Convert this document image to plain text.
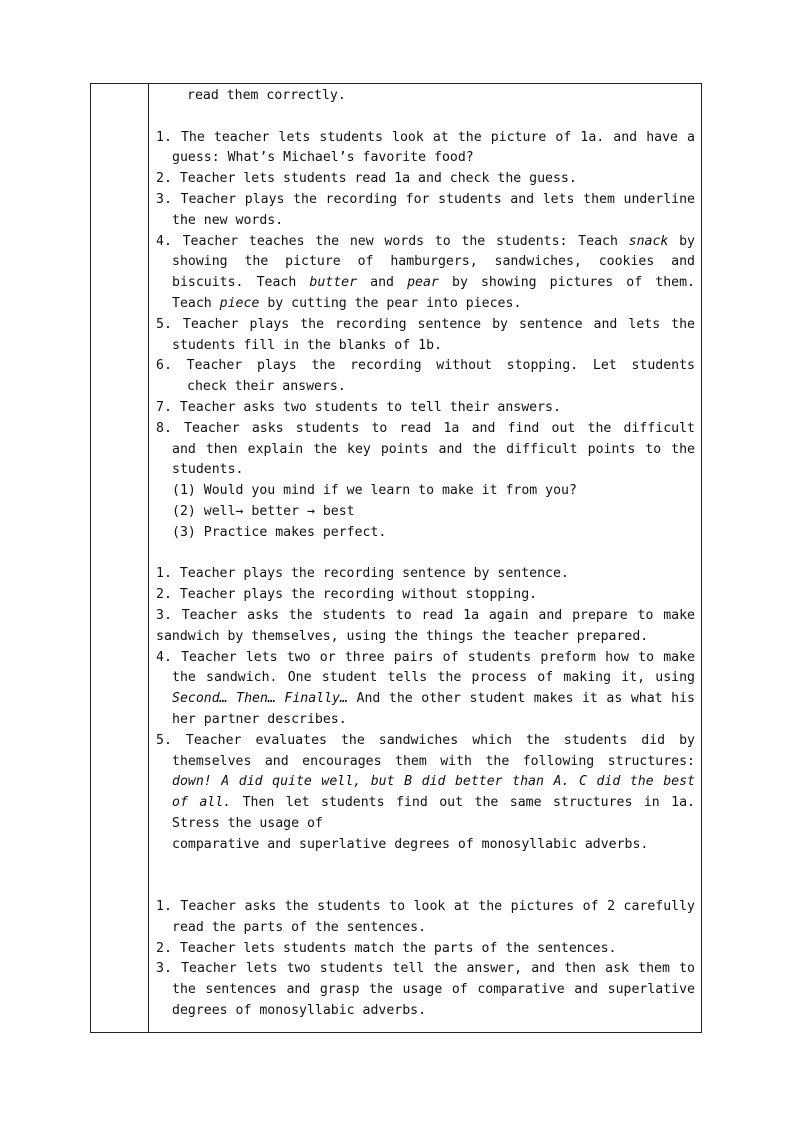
read them correctly.
1. The teacher lets students look at the picture of 1a. and have a
guess: What’s Michael’s favorite food?
2. Teacher lets students read 1a and check the guess.
3. Teacher plays the recording for students and lets them underline
the new words.
4. Teacher teaches the new words to the students: Teach snack by
showing the picture of hamburgers, sandwiches, cookies and
biscuits. Teach butter and pear by showing pictures of them.
Teach piece by cutting the pear into pieces.
5. Teacher plays the recording sentence by sentence and lets the
students fill in the blanks of 1b.
6. Teacher plays the recording without stopping. Let students
check their answers.
7. Teacher asks two students to tell their answers.
8. Teacher asks students to read 1a and find out the difficult
and then explain the key points and the difficult points to the
students.
(1) Would you mind if we learn to make it from you?
(2) well→ better → best
(3) Practice makes perfect.
1. Teacher plays the recording sentence by sentence.
2. Teacher plays the recording without stopping.
3. Teacher asks the students to read 1a again and prepare to make
sandwich by themselves, using the things the teacher prepared.
4. Teacher lets two or three pairs of students preform how to make
the sandwich. One student tells the process of making it, using
Second… Then… Finally… And the other student makes it as what his
her partner describes.
5. Teacher evaluates the sandwiches which the students did by
themselves and encourages them with the following structures:
down! A did quite well, but B did better than A. C did the best
of all. Then let students find out the same structures in 1a.
Stress the usage of
comparative and superlative degrees of monosyllabic adverbs.
1. Teacher asks the students to look at the pictures of 2 carefully
read the parts of the sentences.
2. Teacher lets students match the parts of the sentences.
3. Teacher lets two students tell the answer, and then ask them to
the sentences and grasp the usage of comparative and superlative
degrees of monosyllabic adverbs.
